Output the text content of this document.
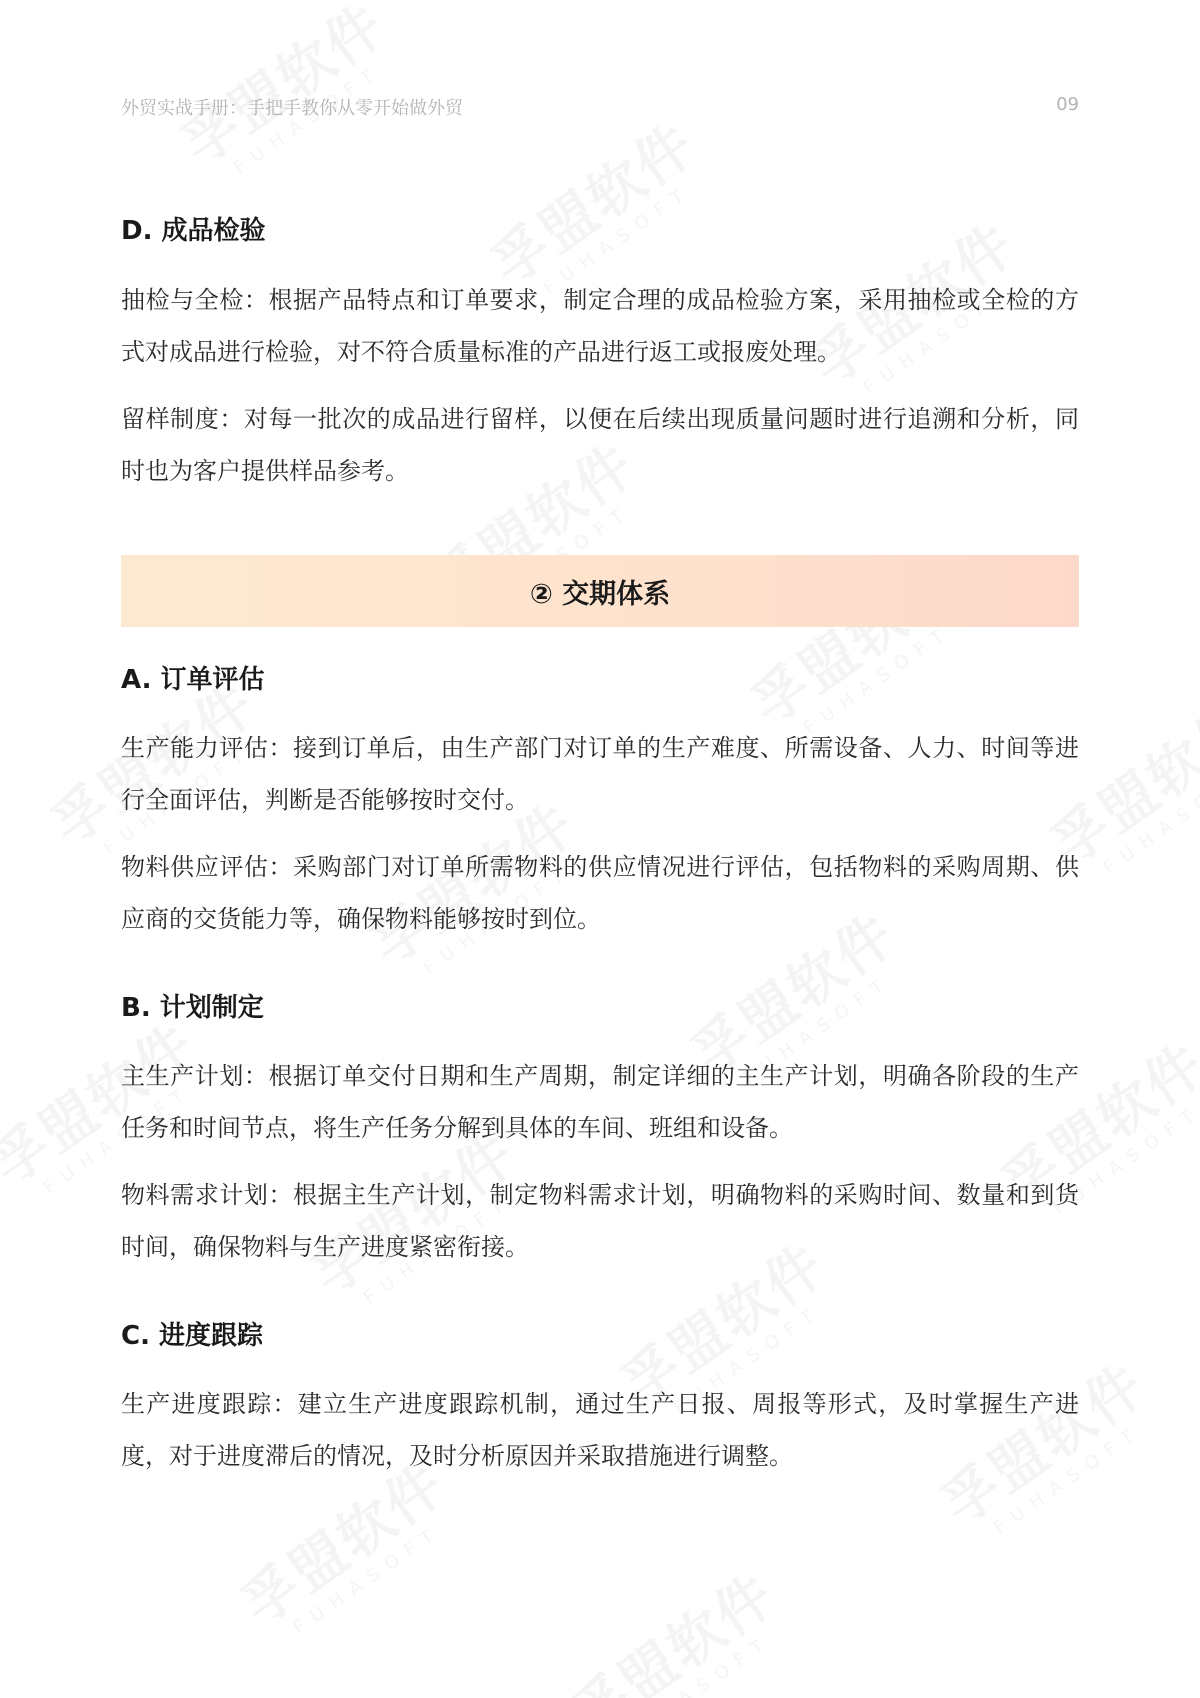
外贸实战手册：手把手教你从零开始做外贸	09
D. 成品检验

抽检与全检：根据产品特点和订单要求，制定合理的成品检验方案，采用抽检或全检的方式对成品进行检验，对不符合质量标准的产品进行返工或报废处理。

留样制度：对每一批次的成品进行留样，以便在后续出现质量问题时进行追溯和分析，同时也为客户提供样品参考。

② 交期体系
A. 订单评估

生产能力评估：接到订单后，由生产部门对订单的生产难度、所需设备、人力、时间等进行全面评估，判断是否能够按时交付。

物料供应评估：采购部门对订单所需物料的供应情况进行评估，包括物料的采购周期、供应商的交货能力等，确保物料能够按时到位。

B. 计划制定

主生产计划：根据订单交付日期和生产周期，制定详细的主生产计划，明确各阶段的生产任务和时间节点，将生产任务分解到具体的车间、班组和设备。

物料需求计划：根据主生产计划，制定物料需求计划，明确物料的采购时间、数量和到货时间，确保物料与生产进度紧密衔接。

C. 进度跟踪

生产进度跟踪：建立生产进度跟踪机制，通过生产日报、周报等形式，及时掌握生产进度，对于进度滞后的情况，及时分析原因并采取措施进行调整。
